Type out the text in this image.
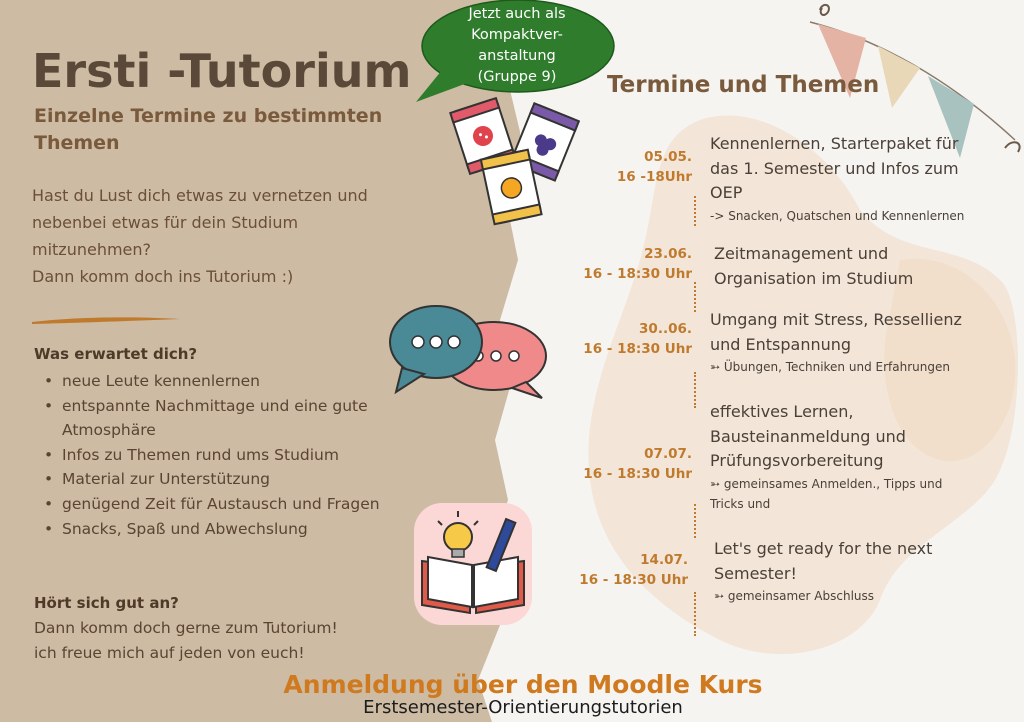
Ersti -Tutorium
Einzelne Termine zu bestimmten
Themen
Hast du Lust dich etwas zu vernetzen und
nebenbei etwas für dein Studium
mitzunehmen?
Dann komm doch ins Tutorium :)
Was erwartet dich?
• neue Leute kennenlernen
• entspannte Nachmittage und eine gute Atmosphäre
• Infos zu Themen rund ums Studium
• Material zur Unterstützung
• genügend Zeit für Austausch und Fragen
• Snacks, Spaß und Abwechslung
Hört sich gut an?
Dann komm doch gerne zum Tutorium!
ich freue mich auf jeden von euch!
Jetzt auch als
Kompaktver-
anstaltung
(Gruppe 9)	Termine und Themen
05.05.
16 -18Uhr
Kennenlernen, Starterpaket für
das 1. Semester und Infos zum
OEP
-> Snacken, Quatschen und Kennenlernen
23.06.
16 - 18:30 Uhr
Zeitmanagement und
Organisation im Studium
30..06.
16 - 18:30 Uhr
Umgang mit Stress, Ressellienz
und Entspannung
➳ Übungen, Techniken und Erfahrungen
07.07.
16 - 18:30 Uhr
effektives Lernen,
Bausteinanmeldung und
Prüfungsvorbereitung
➳ gemeinsames Anmelden., Tipps und Tricks und
14.07.
16 - 18:30 Uhr
Let's get ready for the next
Semester!
➳ gemeinsamer Abschluss
Anmeldung über den Moodle Kurs
Erstsemester-Orientierungstutorien
